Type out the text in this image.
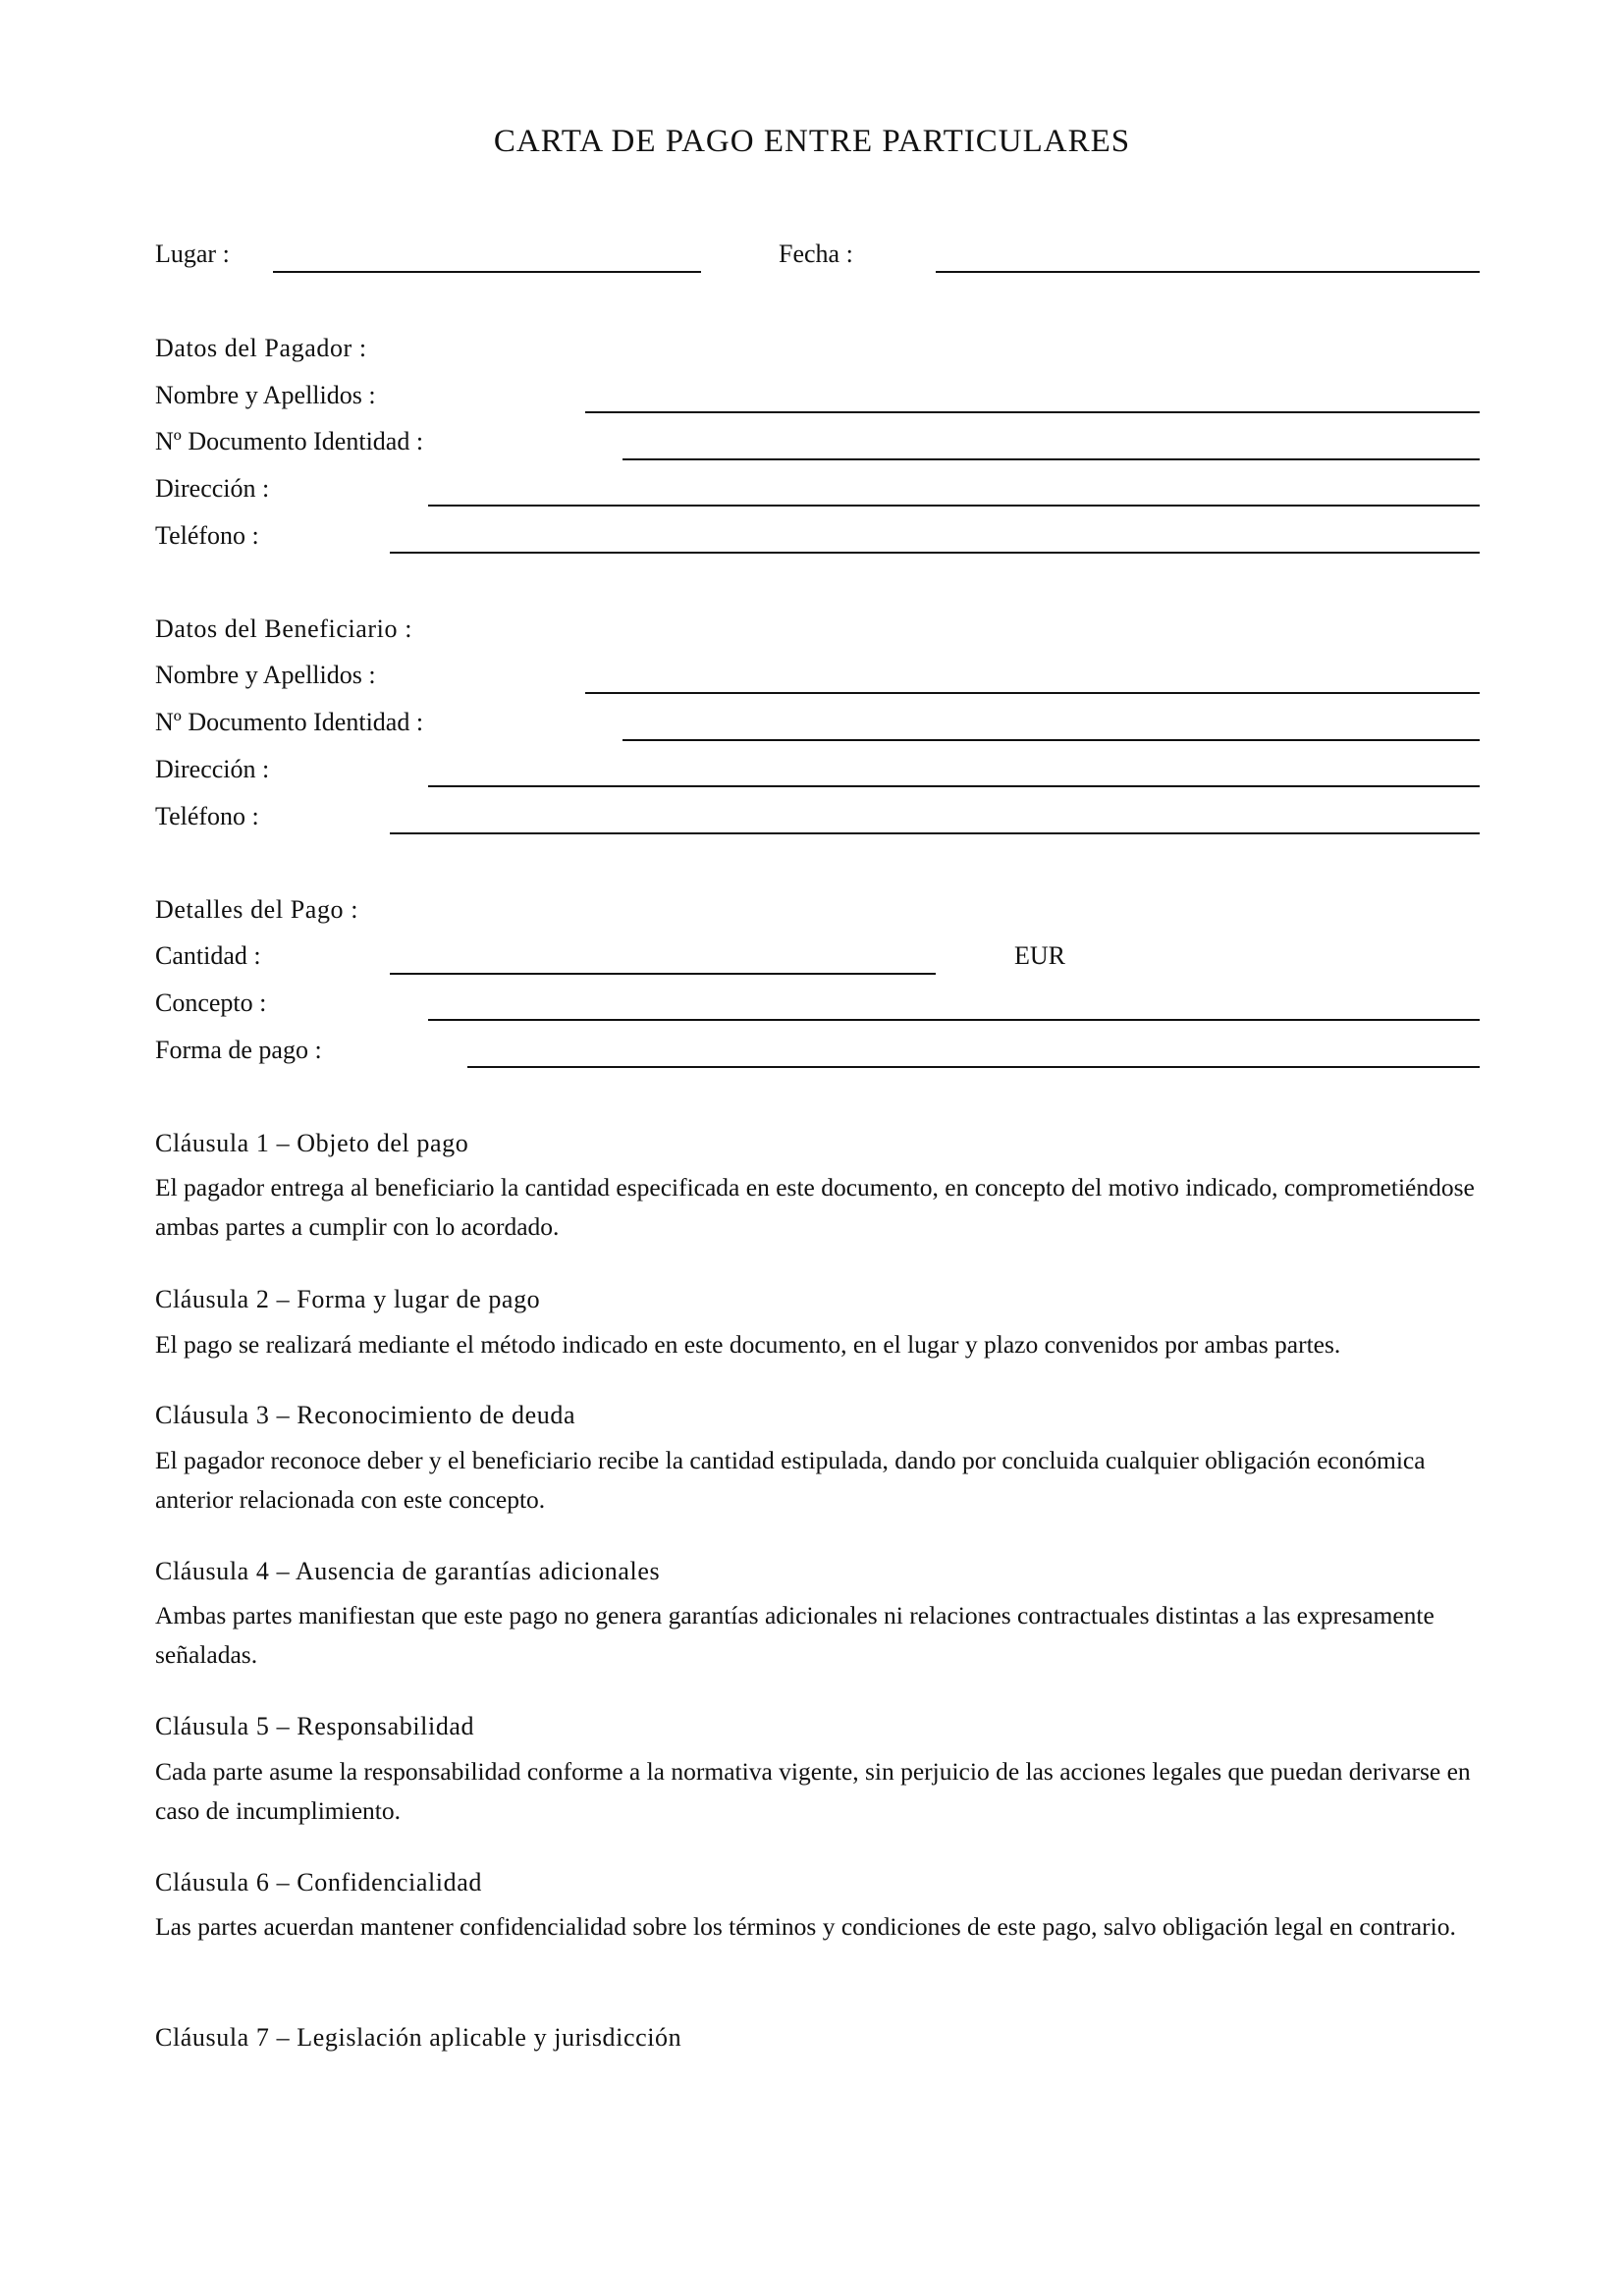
CARTA DE PAGO ENTRE PARTICULARES
Lugar :	Fecha :
Datos del Pagador :
Nombre y Apellidos :
Nº Documento Identidad :
Dirección :
Teléfono :
Datos del Beneficiario :
Nombre y Apellidos :
Nº Documento Identidad :
Dirección :
Teléfono :
Detalles del Pago :
Cantidad :	EUR
Concepto :
Forma de pago :
Cláusula 1 – Objeto del pago
El pagador entrega al beneficiario la cantidad especificada en este documento, en concepto del motivo indicado, comprometiéndose ambas partes a cumplir con lo acordado.
Cláusula 2 – Forma y lugar de pago
El pago se realizará mediante el método indicado en este documento, en el lugar y plazo convenidos por ambas partes.
Cláusula 3 – Reconocimiento de deuda
El pagador reconoce deber y el beneficiario recibe la cantidad estipulada, dando por concluida cualquier obligación económica anterior relacionada con este concepto.
Cláusula 4 – Ausencia de garantías adicionales
Ambas partes manifiestan que este pago no genera garantías adicionales ni relaciones contractuales distintas a las expresamente señaladas.
Cláusula 5 – Responsabilidad
Cada parte asume la responsabilidad conforme a la normativa vigente, sin perjuicio de las acciones legales que puedan derivarse en caso de incumplimiento.
Cláusula 6 – Confidencialidad
Las partes acuerdan mantener confidencialidad sobre los términos y condiciones de este pago, salvo obligación legal en contrario.
Cláusula 7 – Legislación aplicable y jurisdicción
